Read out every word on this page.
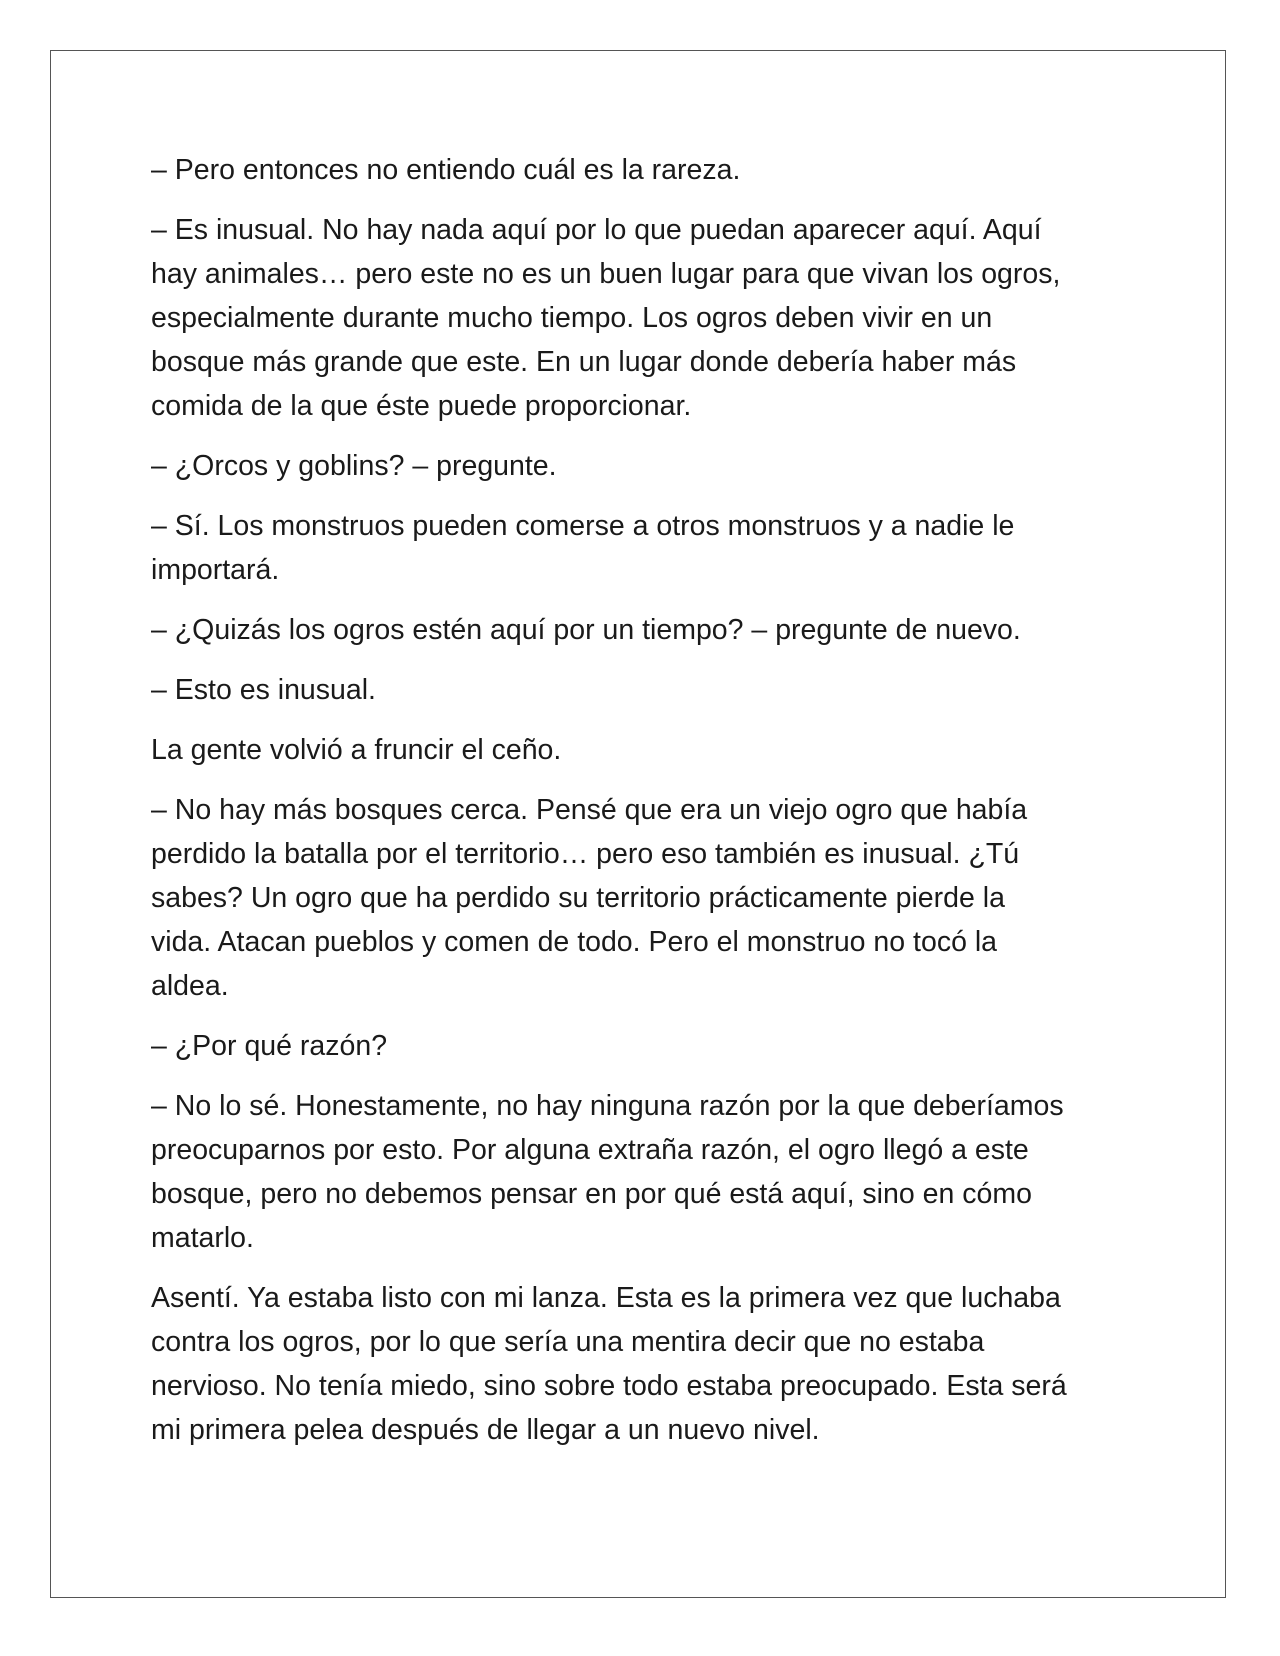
– Pero entonces no entiendo cuál es la rareza.

– Es inusual. No hay nada aquí por lo que puedan aparecer aquí. Aquí
hay animales… pero este no es un buen lugar para que vivan los ogros,
especialmente durante mucho tiempo. Los ogros deben vivir en un
bosque más grande que este. En un lugar donde debería haber más
comida de la que éste puede proporcionar.

– ¿Orcos y goblins? – pregunte.

– Sí. Los monstruos pueden comerse a otros monstruos y a nadie le
importará.

– ¿Quizás los ogros estén aquí por un tiempo? – pregunte de nuevo.

– Esto es inusual.

La gente volvió a fruncir el ceño.

– No hay más bosques cerca. Pensé que era un viejo ogro que había
perdido la batalla por el territorio… pero eso también es inusual. ¿Tú
sabes? Un ogro que ha perdido su territorio prácticamente pierde la
vida. Atacan pueblos y comen de todo. Pero el monstruo no tocó la
aldea.

– ¿Por qué razón?

– No lo sé. Honestamente, no hay ninguna razón por la que deberíamos
preocuparnos por esto. Por alguna extraña razón, el ogro llegó a este
bosque, pero no debemos pensar en por qué está aquí, sino en cómo
matarlo.

Asentí. Ya estaba listo con mi lanza. Esta es la primera vez que luchaba
contra los ogros, por lo que sería una mentira decir que no estaba
nervioso. No tenía miedo, sino sobre todo estaba preocupado. Esta será
mi primera pelea después de llegar a un nuevo nivel.
